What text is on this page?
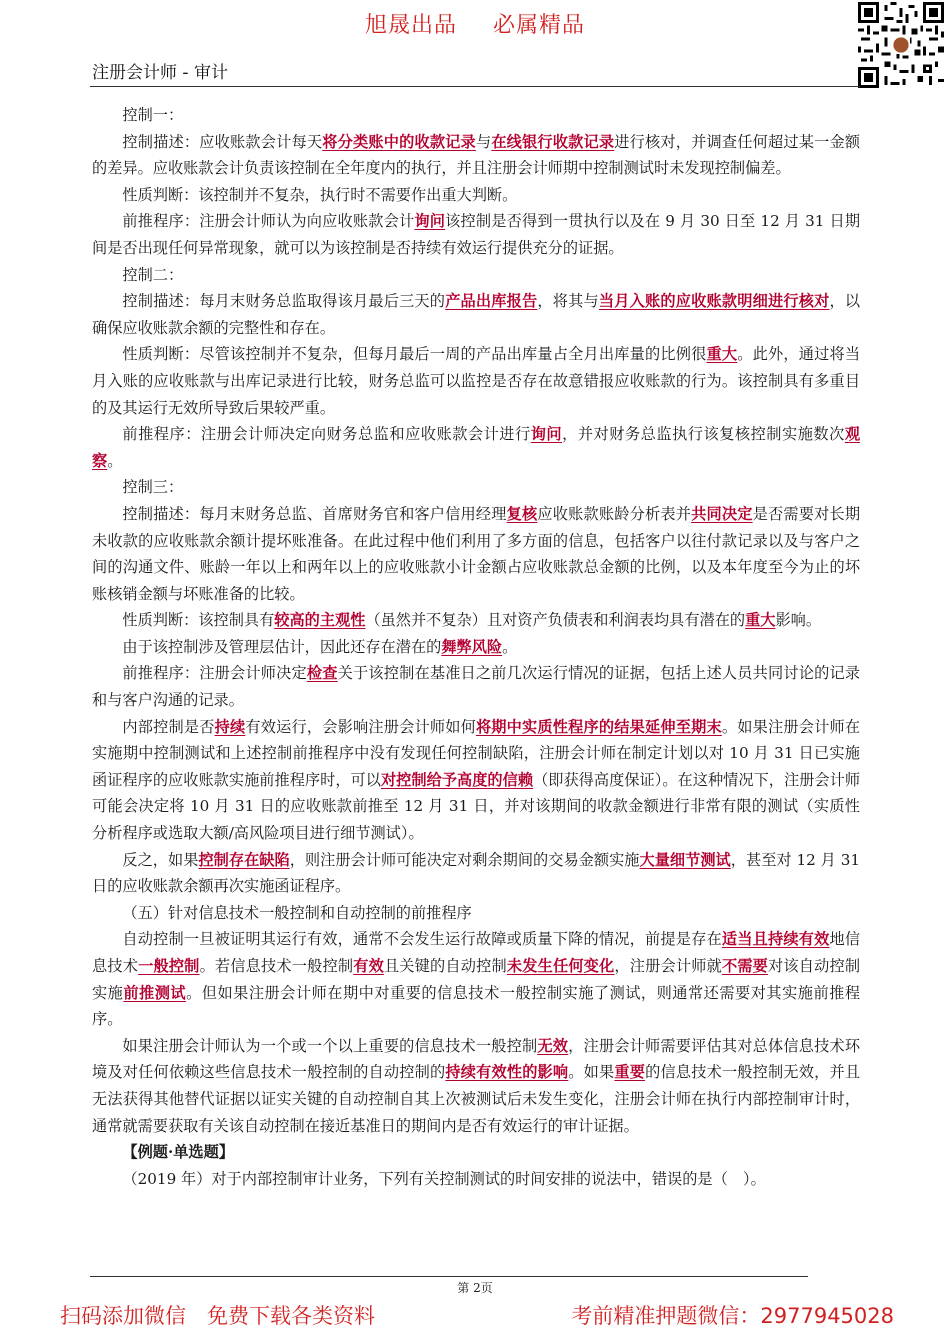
旭晟出品 必属精品
注册会计师 - 审计

控制一：

控制描述：应收账款会计每天将分类账中的收款记录与在线银行收款记录进行核对，并调查任何超过某一金额的差异。应收账款会计负责该控制在全年度内的执行，并且注册会计师期中控制测试时未发现控制偏差。

性质判断：该控制并不复杂，执行时不需要作出重大判断。

前推程序：注册会计师认为向应收账款会计询问该控制是否得到一贯执行以及在 9 月 30 日至 12 月 31 日期间是否出现任何异常现象，就可以为该控制是否持续有效运行提供充分的证据。

控制二：

控制描述：每月末财务总监取得该月最后三天的产品出库报告，将其与当月入账的应收账款明细进行核对，以确保应收账款余额的完整性和存在。

性质判断：尽管该控制并不复杂，但每月最后一周的产品出库量占全月出库量的比例很重大。此外，通过将当月入账的应收账款与出库记录进行比较，财务总监可以监控是否存在故意错报应收账款的行为。该控制具有多重目的及其运行无效所导致后果较严重。

前推程序：注册会计师决定向财务总监和应收账款会计进行询问，并对财务总监执行该复核控制实施数次观察。

控制三：

控制描述：每月末财务总监、首席财务官和客户信用经理复核应收账款账龄分析表并共同决定是否需要对长期未收款的应收账款余额计提坏账准备。在此过程中他们利用了多方面的信息，包括客户以往付款记录以及与客户之间的沟通文件、账龄一年以上和两年以上的应收账款小计金额占应收账款总金额的比例，以及本年度至今为止的坏账核销金额与坏账准备的比较。

性质判断：该控制具有较高的主观性（虽然并不复杂）且对资产负债表和利润表均具有潜在的重大影响。

由于该控制涉及管理层估计，因此还存在潜在的舞弊风险。

前推程序：注册会计师决定检查关于该控制在基准日之前几次运行情况的证据，包括上述人员共同讨论的记录和与客户沟通的记录。

内部控制是否持续有效运行，会影响注册会计师如何将期中实质性程序的结果延伸至期末。如果注册会计师在实施期中控制测试和上述控制前推程序中没有发现任何控制缺陷，注册会计师在制定计划以对 10 月 31 日已实施函证程序的应收账款实施前推程序时，可以对控制给予高度的信赖（即获得高度保证）。在这种情况下，注册会计师可能会决定将 10 月 31 日的应收账款前推至 12 月 31 日，并对该期间的收款金额进行非常有限的测试（实质性分析程序或选取大额/高风险项目进行细节测试）。

反之，如果控制存在缺陷，则注册会计师可能决定对剩余期间的交易金额实施大量细节测试，甚至对 12 月 31 日的应收账款余额再次实施函证程序。

（五）针对信息技术一般控制和自动控制的前推程序

自动控制一旦被证明其运行有效，通常不会发生运行故障或质量下降的情况，前提是存在适当且持续有效地信息技术一般控制。若信息技术一般控制有效且关键的自动控制未发生任何变化，注册会计师就不需要对该自动控制实施前推测试。但如果注册会计师在期中对重要的信息技术一般控制实施了测试，则通常还需要对其实施前推程序。

如果注册会计师认为一个或一个以上重要的信息技术一般控制无效，注册会计师需要评估其对总体信息技术环境及对任何依赖这些信息技术一般控制的自动控制的持续有效性的影响。如果重要的信息技术一般控制无效，并且无法获得其他替代证据以证实关键的自动控制自其上次被测试后未发生变化，注册会计师在执行内部控制审计时，通常就需要获取有关该自动控制在接近基准日的期间内是否有效运行的审计证据。

【例题·单选题】

（2019 年）对于内部控制审计业务，下列有关控制测试的时间安排的说法中，错误的是（　）。

第 2页
扫码添加微信　免费下载各类资料	考前精准押题微信：2977945028
